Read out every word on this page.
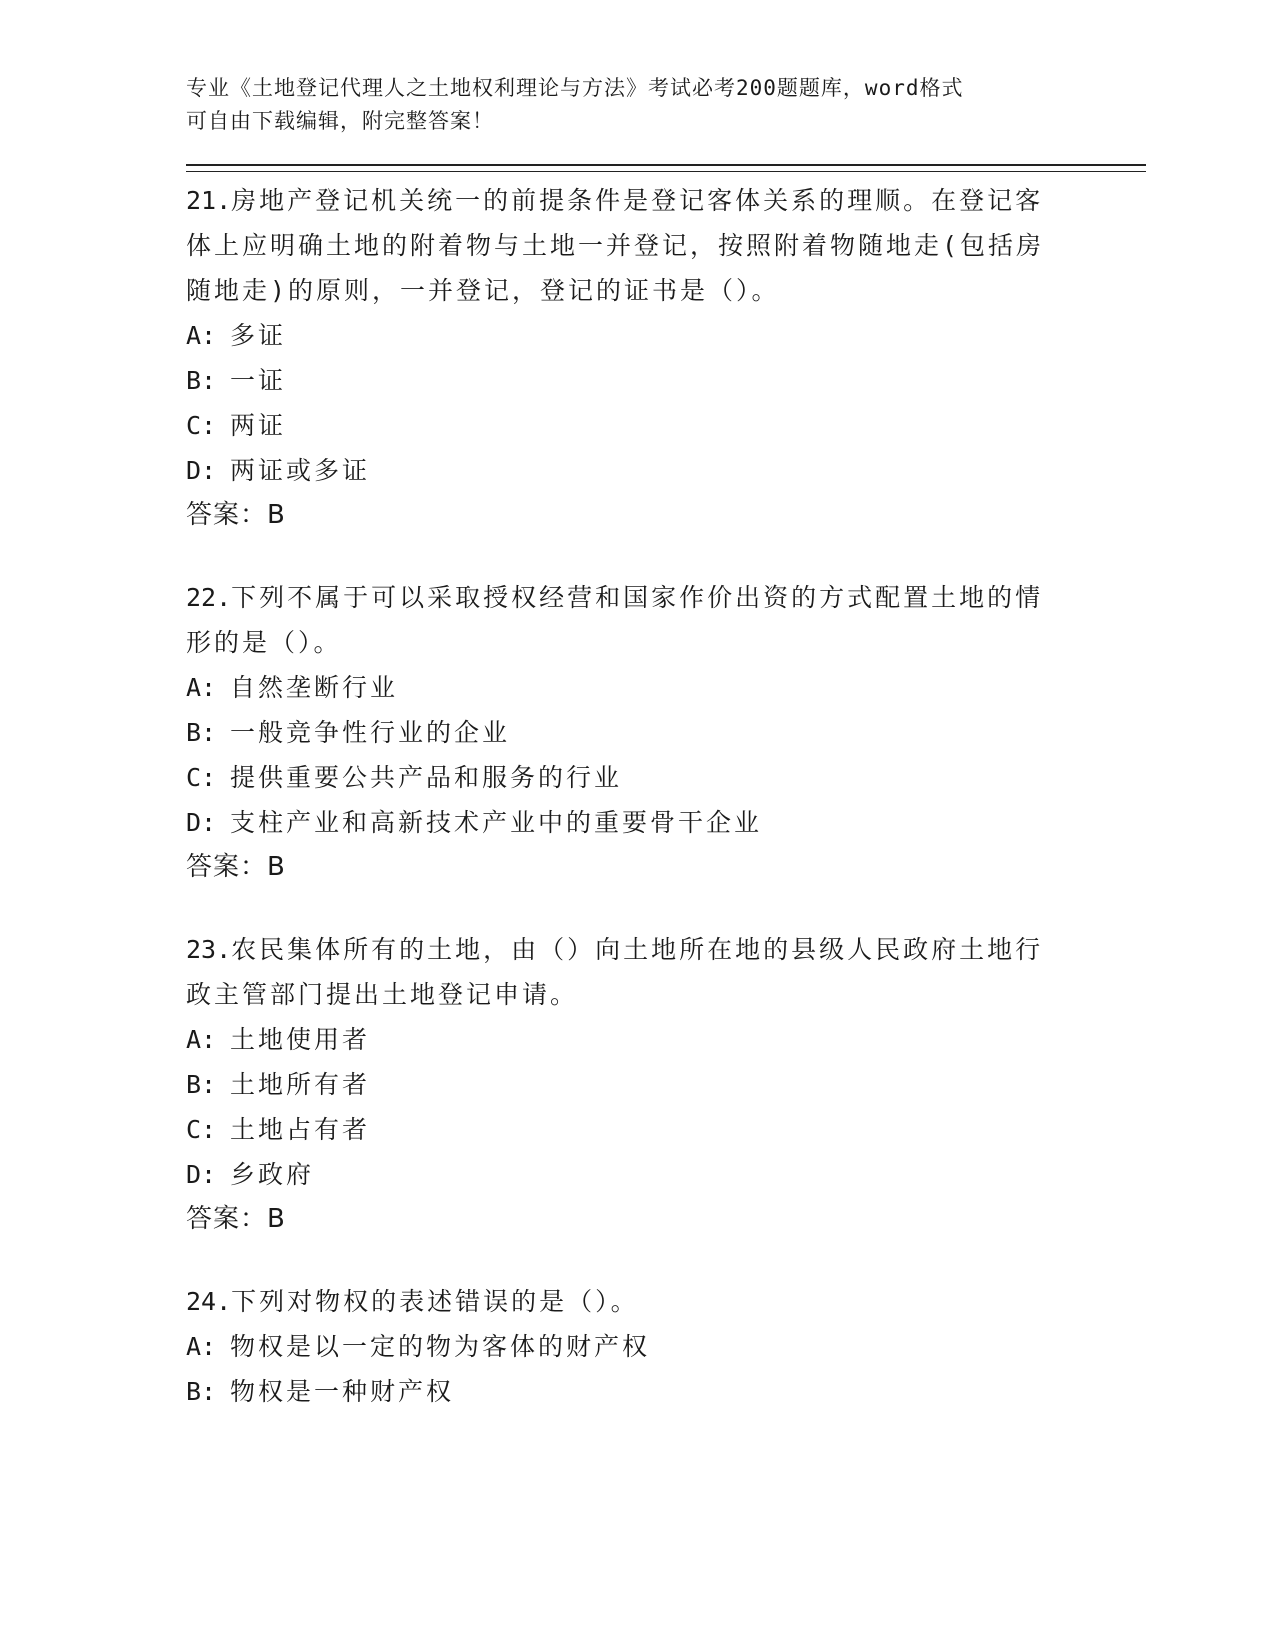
专业《土地登记代理人之土地权利理论与方法》考试必考200题题库，word格式
可自由下载编辑，附完整答案！
21.房地产登记机关统一的前提条件是登记客体关系的理顺。在登记客体上应明确土地的附着物与土地一并登记，按照附着物随地走(包括房随地走)的原则，一并登记，登记的证书是（）。
A: 多证
B: 一证
C: 两证
D: 两证或多证
答案：B
22.下列不属于可以采取授权经营和国家作价出资的方式配置土地的情形的是（）。
A: 自然垄断行业
B: 一般竞争性行业的企业
C: 提供重要公共产品和服务的行业
D: 支柱产业和高新技术产业中的重要骨干企业
答案：B
23.农民集体所有的土地，由（）向土地所在地的县级人民政府土地行政主管部门提出土地登记申请。
A: 土地使用者
B: 土地所有者
C: 土地占有者
D: 乡政府
答案：B
24.下列对物权的表述错误的是（）。
A: 物权是以一定的物为客体的财产权
B: 物权是一种财产权
